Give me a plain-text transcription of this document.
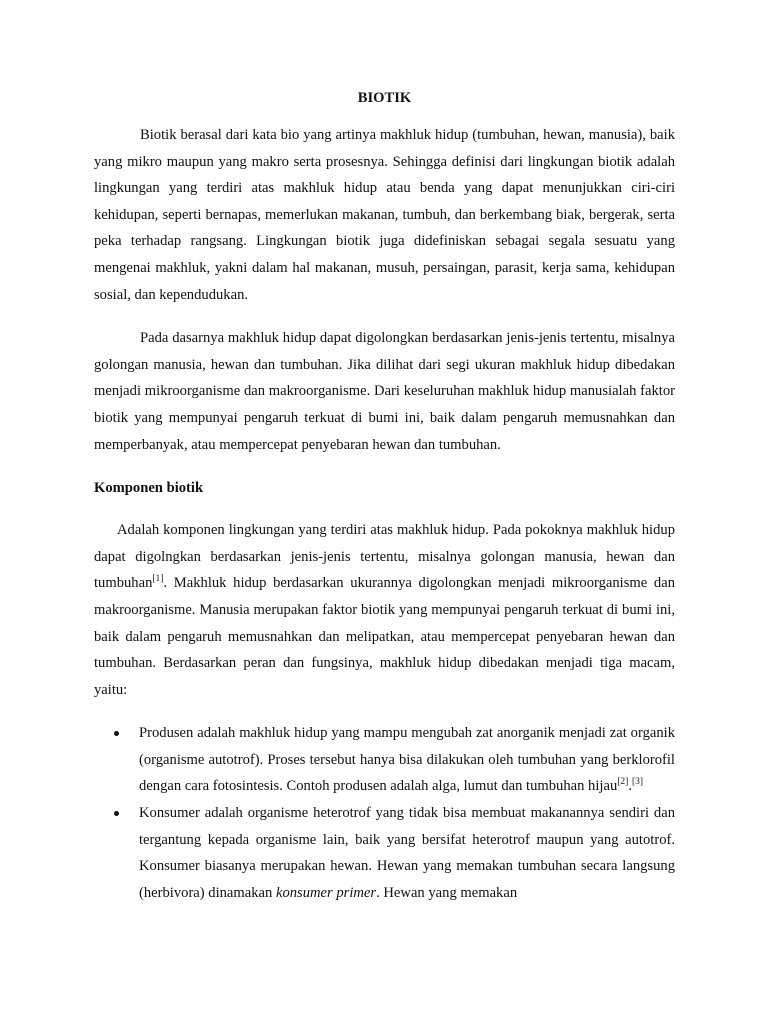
BIOTIK

Biotik berasal dari kata bio yang artinya makhluk hidup (tumbuhan, hewan, manusia), baik yang mikro maupun yang makro serta prosesnya. Sehingga definisi dari lingkungan biotik adalah lingkungan yang terdiri atas makhluk hidup atau benda yang dapat menunjukkan ciri-ciri kehidupan, seperti bernapas, memerlukan makanan, tumbuh, dan berkembang biak, bergerak, serta peka terhadap rangsang. Lingkungan biotik juga didefiniskan sebagai segala sesuatu yang mengenai makhluk, yakni dalam hal makanan, musuh, persaingan, parasit, kerja sama, kehidupan sosial, dan kependudukan.

Pada dasarnya makhluk hidup dapat digolongkan berdasarkan jenis-jenis tertentu, misalnya golongan manusia, hewan dan tumbuhan. Jika dilihat dari segi ukuran makhluk hidup dibedakan menjadi mikroorganisme dan makroorganisme. Dari keseluruhan makhluk hidup manusialah faktor biotik yang mempunyai pengaruh terkuat di bumi ini, baik dalam pengaruh memusnahkan dan memperbanyak, atau mempercepat penyebaran hewan dan tumbuhan.

Komponen biotik

Adalah komponen lingkungan yang terdiri atas makhluk hidup. Pada pokoknya makhluk hidup dapat digolngkan berdasarkan jenis-jenis tertentu, misalnya golongan manusia, hewan dan tumbuhan[1]. Makhluk hidup berdasarkan ukurannya digolongkan menjadi mikroorganisme dan makroorganisme. Manusia merupakan faktor biotik yang mempunyai pengaruh terkuat di bumi ini, baik dalam pengaruh memusnahkan dan melipatkan, atau mempercepat penyebaran hewan dan tumbuhan. Berdasarkan peran dan fungsinya, makhluk hidup dibedakan menjadi tiga macam, yaitu:

Produsen adalah makhluk hidup yang mampu mengubah zat anorganik menjadi zat organik (organisme autotrof). Proses tersebut hanya bisa dilakukan oleh tumbuhan yang berklorofil dengan cara fotosintesis. Contoh produsen adalah alga, lumut dan tumbuhan hijau[2].[3]
Konsumer adalah organisme heterotrof yang tidak bisa membuat makanannya sendiri dan tergantung kepada organisme lain, baik yang bersifat heterotrof maupun yang autotrof. Konsumer biasanya merupakan hewan. Hewan yang memakan tumbuhan secara langsung (herbivora) dinamakan konsumer primer. Hewan yang memakan
